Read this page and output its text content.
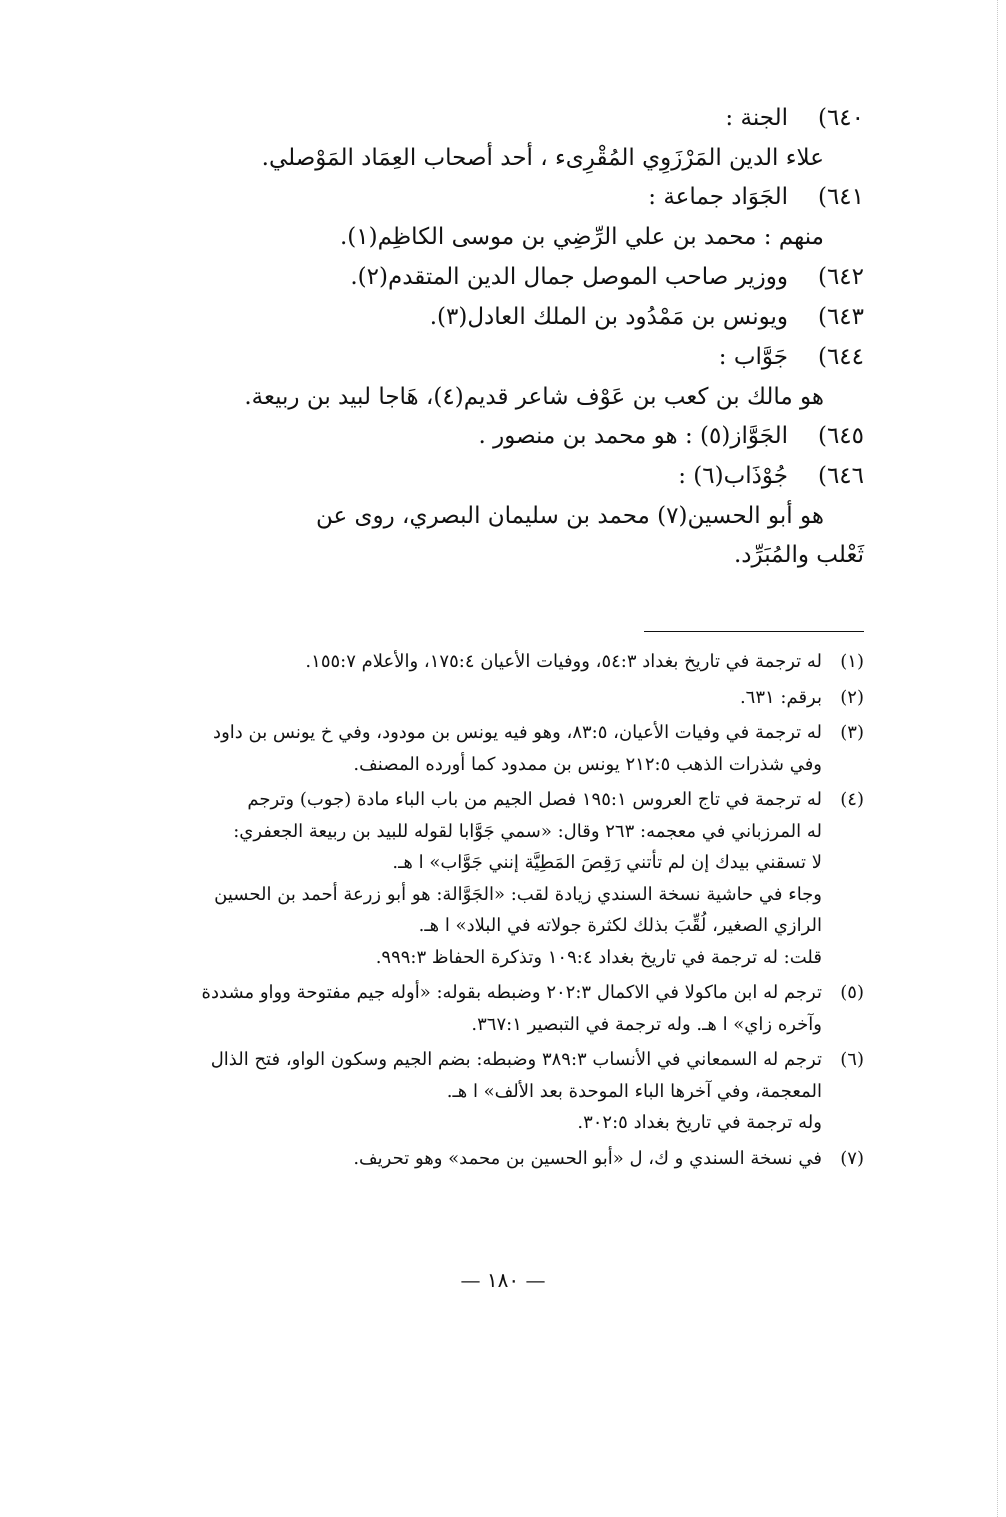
٦٤٠)
الجنة :

علاء الدين المَرْزَوِي المُقْرِىء ، أحد أصحاب العِمَاد المَوْصلي.

٦٤١)
الجَوَاد جماعة :

منهم : محمد بن علي الرِّضِي بن موسى الكاظِم(١).

٦٤٢)
ووزير صاحب الموصل جمال الدين المتقدم(٢).
٦٤٣)
ويونس بن مَمْدُود بن الملك العادل(٣).
٦٤٤)
جَوَّاب :

هو مالك بن كعب بن عَوْف شاعر قديم(٤)، هَاجا لبيد بن ربيعة.

٦٤٥)
الجَوَّاز(٥) : هو محمد بن منصور .
٦٤٦)
جُوْذَاب(٦) :

هو أبو الحسين(٧) محمد بن سليمان البصري، روى عن

ثَعْلب والمُبَرِّد.

(١)
له ترجمة في تاريخ بغداد ٥٤:٣، ووفيات الأعيان ١٧٥:٤، والأعلام ١٥٥:٧.
(٢)
برقم: ٦٣١.
(٣)
له ترجمة في وفيات الأعيان، ٨٣:٥، وهو فيه يونس بن مودود، وفي خ يونس بن داود
وفي شذرات الذهب ٢١٢:٥ يونس بن ممدود كما أورده المصنف.
(٤)
له ترجمة في تاج العروس ١٩٥:١ فصل الجيم من باب الباء مادة (جوب) وترجم
له المرزباني في معجمه: ٢٦٣ وقال: «سمي جَوَّابا لقوله للبيد بن ربيعة الجعفري:
لا تسقني بيدك إن لم تأتني رَقِصَ المَطِيَّة إنني جَوَّاب» ا هـ.
وجاء في حاشية نسخة السندي زيادة لقب: «الجَوَّالة: هو أبو زرعة أحمد بن الحسين
الرازي الصغير، لُقِّبَ بذلك لكثرة جولاته في البلاد» ا هـ.
قلت: له ترجمة في تاريخ بغداد ١٠٩:٤ وتذكرة الحفاظ ٩٩٩:٣.
(٥)
ترجم له ابن ماكولا في الاكمال ٢٠٢:٣ وضبطه بقوله: «أوله جيم مفتوحة وواو مشددة
وآخره زاي» ا هـ. وله ترجمة في التبصير ٣٦٧:١.
(٦)
ترجم له السمعاني في الأنساب ٣٨٩:٣ وضبطه: بضم الجيم وسكون الواو، فتح الذال
المعجمة، وفي آخرها الباء الموحدة بعد الألف» ا هـ.
وله ترجمة في تاريخ بغداد ٣٠٢:٥.
(٧)
في نسخة السندي و ك، ل «أبو الحسين بن محمد» وهو تحريف.
— ١٨٠ —
